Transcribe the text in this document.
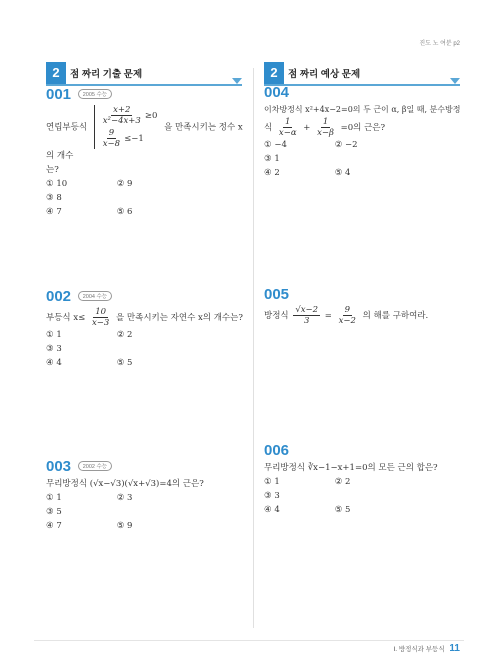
진도 노 여분 p2
2	점 짜리 기출 문제	2	점 짜리 예상 문제
001 2005 수능
연립부등식
$\frac{x+2}{\text{x²−4x+3}} \ge 0$
$\frac{9}{x-8} \le-1$
을 만족시키는 정수 x의 개수
는?
① 10	② 9 ③ 8
④ 7	⑤ 6
002 2004 수능
부등식 $x\le \frac{10}{x-3}$ 을 만족시키는 자연수 x의 개수는?
① 1	② 2 ③ 3
④ 4	⑤ 5
003 2002 수능
무리방정식 (√x−√3)(√x+√3)=4의 근은?
① 1	② 3 ③ 5
④ 7	⑤ 9
004
이차방정식 x²+4x−2=0의 두 근이 α, β일 때, 분수방정
식 $\frac{1}{x-\alpha} + \frac{1}{x-\beta} =0$의 근은?
① −4	② −2 ③ 1
④ 2	⑤ 4
005
방정식 $\frac{√x-2}{3} = \frac{9}{x-2}$ 의 해를 구하여라.
006
무리방정식 ∛x−1−x+1=0의 모든 근의 합은?
① 1	② 2 ③ 3
④ 4	⑤ 5
Ⅰ. 방정식과 부등식 11
